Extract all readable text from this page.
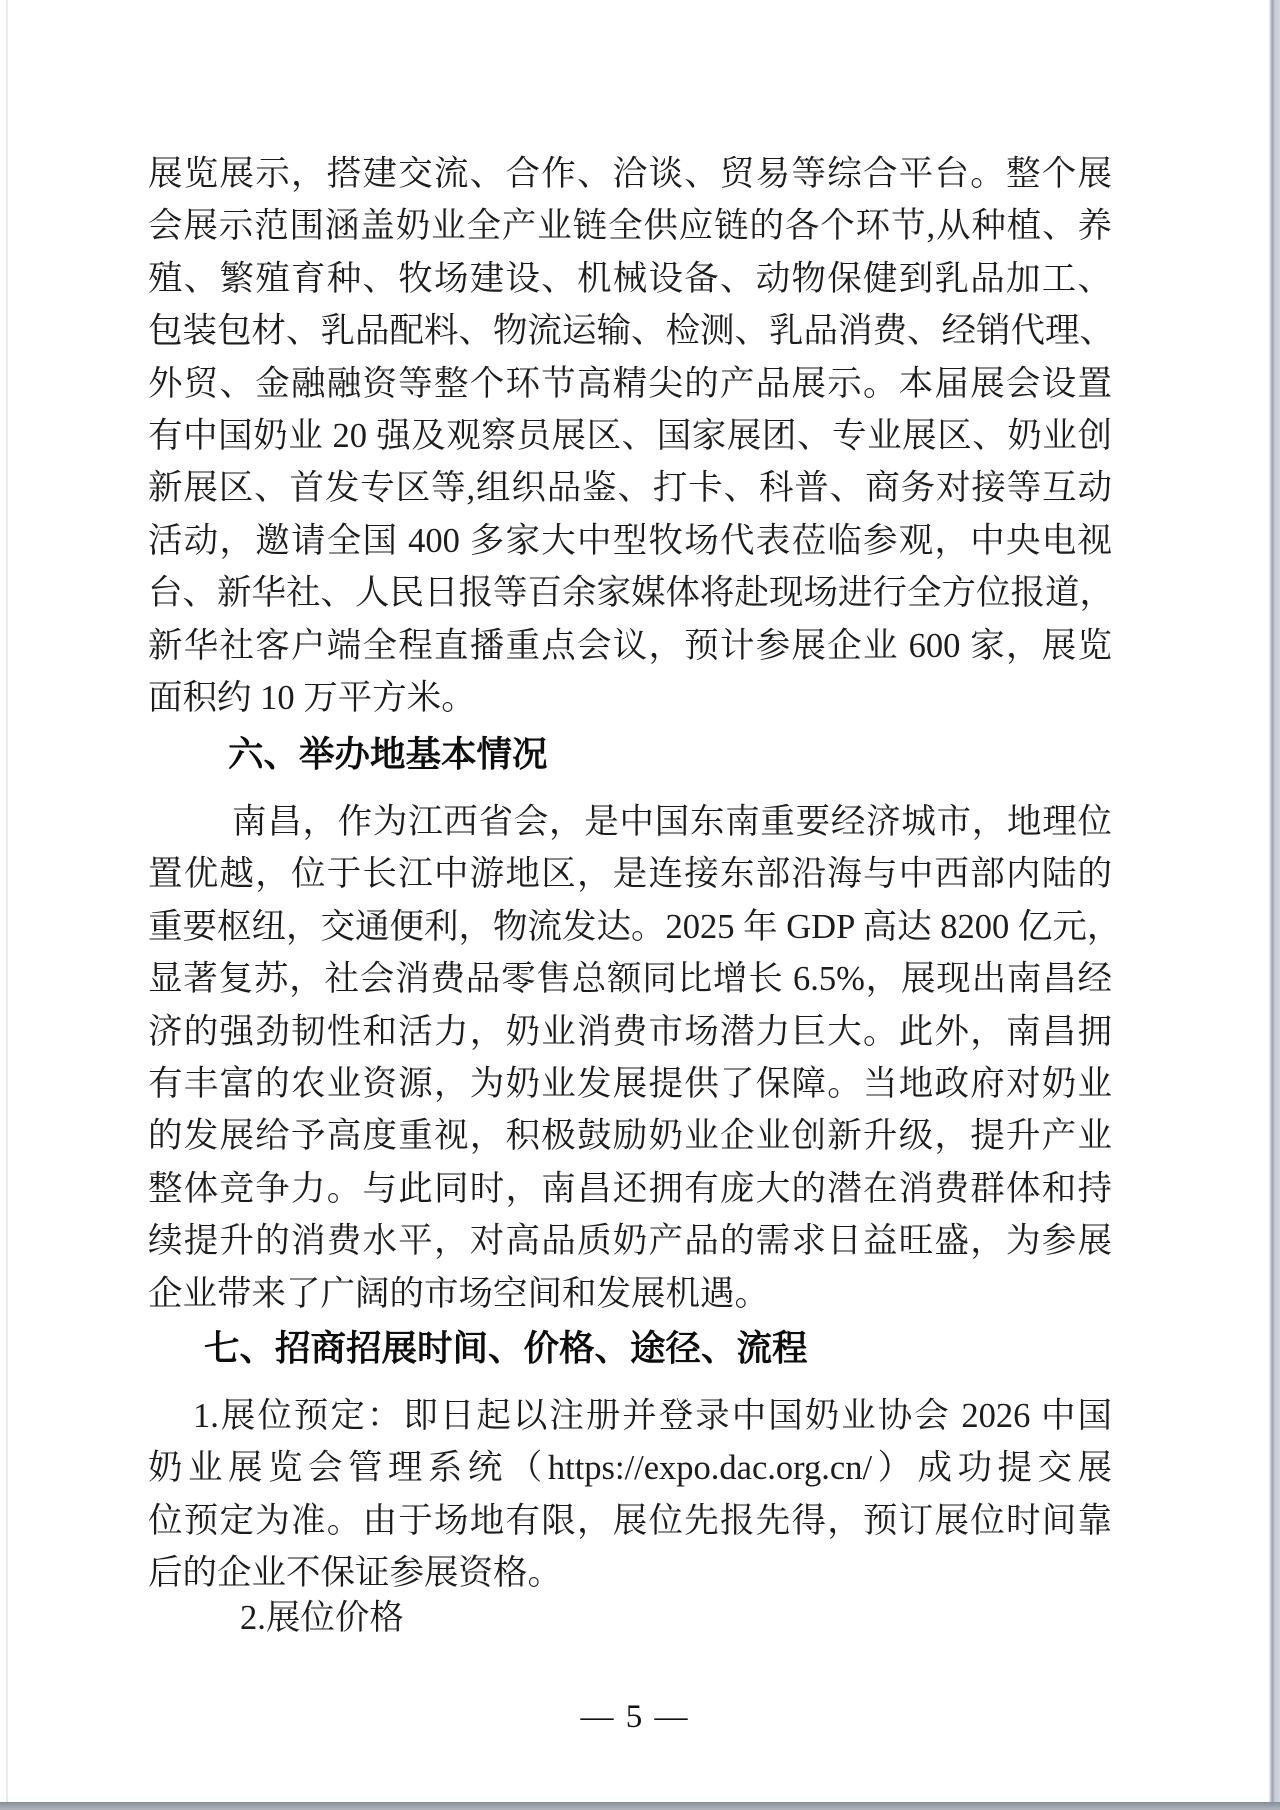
展览展示，搭建交流、合作、洽谈、贸易等综合平台。整个展
会展示范围涵盖奶业全产业链全供应链的各个环节,从种植、养
殖、繁殖育种、牧场建设、机械设备、动物保健到乳品加工、
包装包材、乳品配料、物流运输、检测、乳品消费、经销代理、
外贸、金融融资等整个环节高精尖的产品展示。本届展会设置
有中国奶业 20 强及观察员展区、国家展团、专业展区、奶业创
新展区、首发专区等,组织品鉴、打卡、科普、商务对接等互动
活动，邀请全国 400 多家大中型牧场代表莅临参观，中央电视
台、新华社、人民日报等百余家媒体将赴现场进行全方位报道，
新华社客户端全程直播重点会议，预计参展企业 600 家，展览
面积约 10 万平方米。
六、举办地基本情况
南昌，作为江西省会，是中国东南重要经济城市，地理位
置优越，位于长江中游地区，是连接东部沿海与中西部内陆的
重要枢纽，交通便利，物流发达。2025 年 GDP 高达 8200 亿元，
显著复苏，社会消费品零售总额同比增长 6.5%，展现出南昌经
济的强劲韧性和活力，奶业消费市场潜力巨大。此外，南昌拥
有丰富的农业资源，为奶业发展提供了保障。当地政府对奶业
的发展给予高度重视，积极鼓励奶业企业创新升级，提升产业
整体竞争力。与此同时，南昌还拥有庞大的潜在消费群体和持
续提升的消费水平，对高品质奶产品的需求日益旺盛，为参展
企业带来了广阔的市场空间和发展机遇。
七、招商招展时间、价格、途径、流程
1.展位预定：即日起以注册并登录中国奶业协会 2026 中国
奶业展览会管理系统（https://expo.dac.org.cn/）成功提交展
位预定为准。由于场地有限，展位先报先得，预订展位时间靠
后的企业不保证参展资格。
2.展位价格
— 5 —
